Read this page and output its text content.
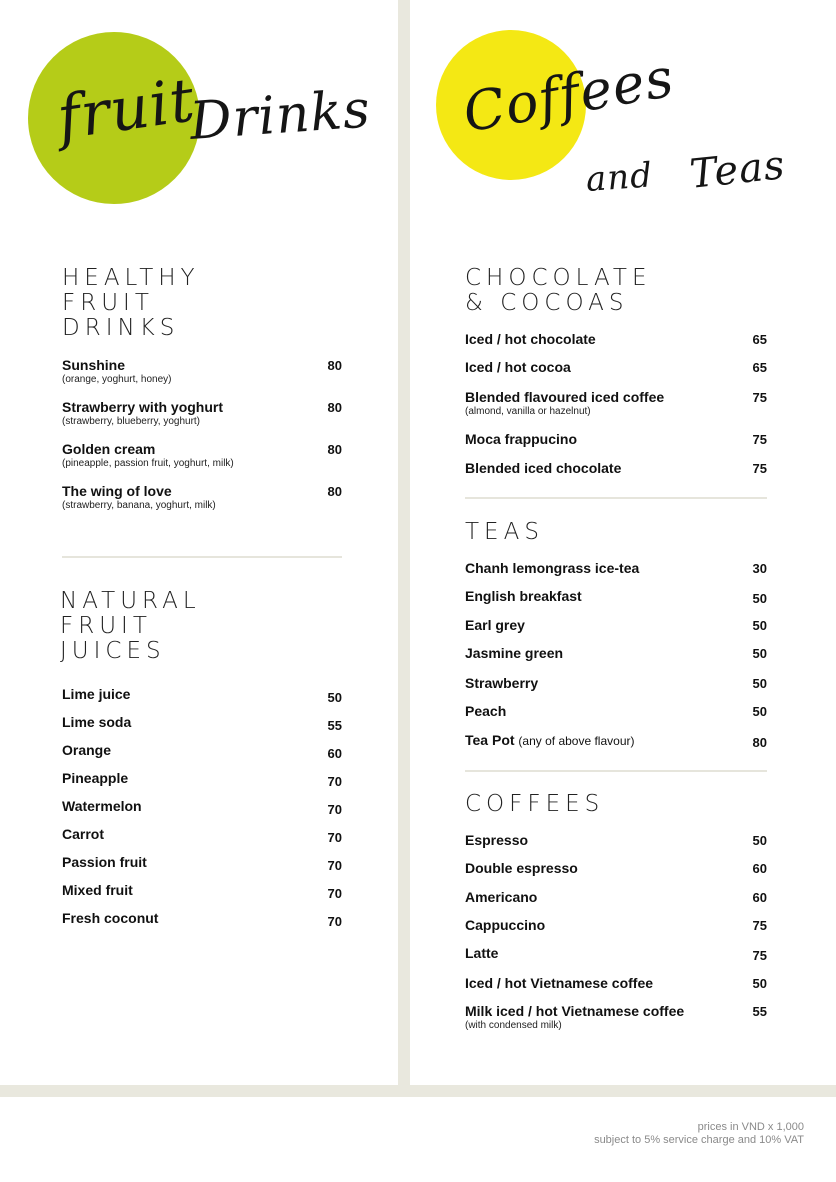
fruit
Drinks Coffees
and Teas
HEALTHY
FRUIT
DRINKS
Sunshine
(orange, yoghurt, honey)
80
Strawberry with yoghurt
(strawberry, blueberry, yoghurt)
80
Golden cream
(pineapple, passion fruit, yoghurt, milk)
80
The wing of love
(strawberry, banana, yoghurt, milk)
80
NATURAL
FRUIT
JUICES
Lime juice	50
Lime soda	55
Orange	60
Pineapple	70
Watermelon	70
Carrot	70
Passion fruit	70
Mixed fruit	70
Fresh coconut	70
CHOCOLATE
& COCOAS
Iced / hot chocolate	65
Iced / hot cocoa	65
Blended flavoured iced coffee
(almond, vanilla or hazelnut)
75
Moca frappucino	75
Blended iced chocolate	75
TEAS
Chanh lemongrass ice-tea	30
English breakfast	50
Earl grey	50
Jasmine green	50
Strawberry	50
Peach	50
Tea Pot (any of above flavour)	80
COFFEES
Espresso	50
Double espresso	60
Americano	60
Cappuccino	75
Latte	75
Iced / hot Vietnamese coffee	50
Milk iced / hot Vietnamese coffee
(with condensed milk)
55
prices in VND x 1,000
subject to 5% service charge and 10% VAT
